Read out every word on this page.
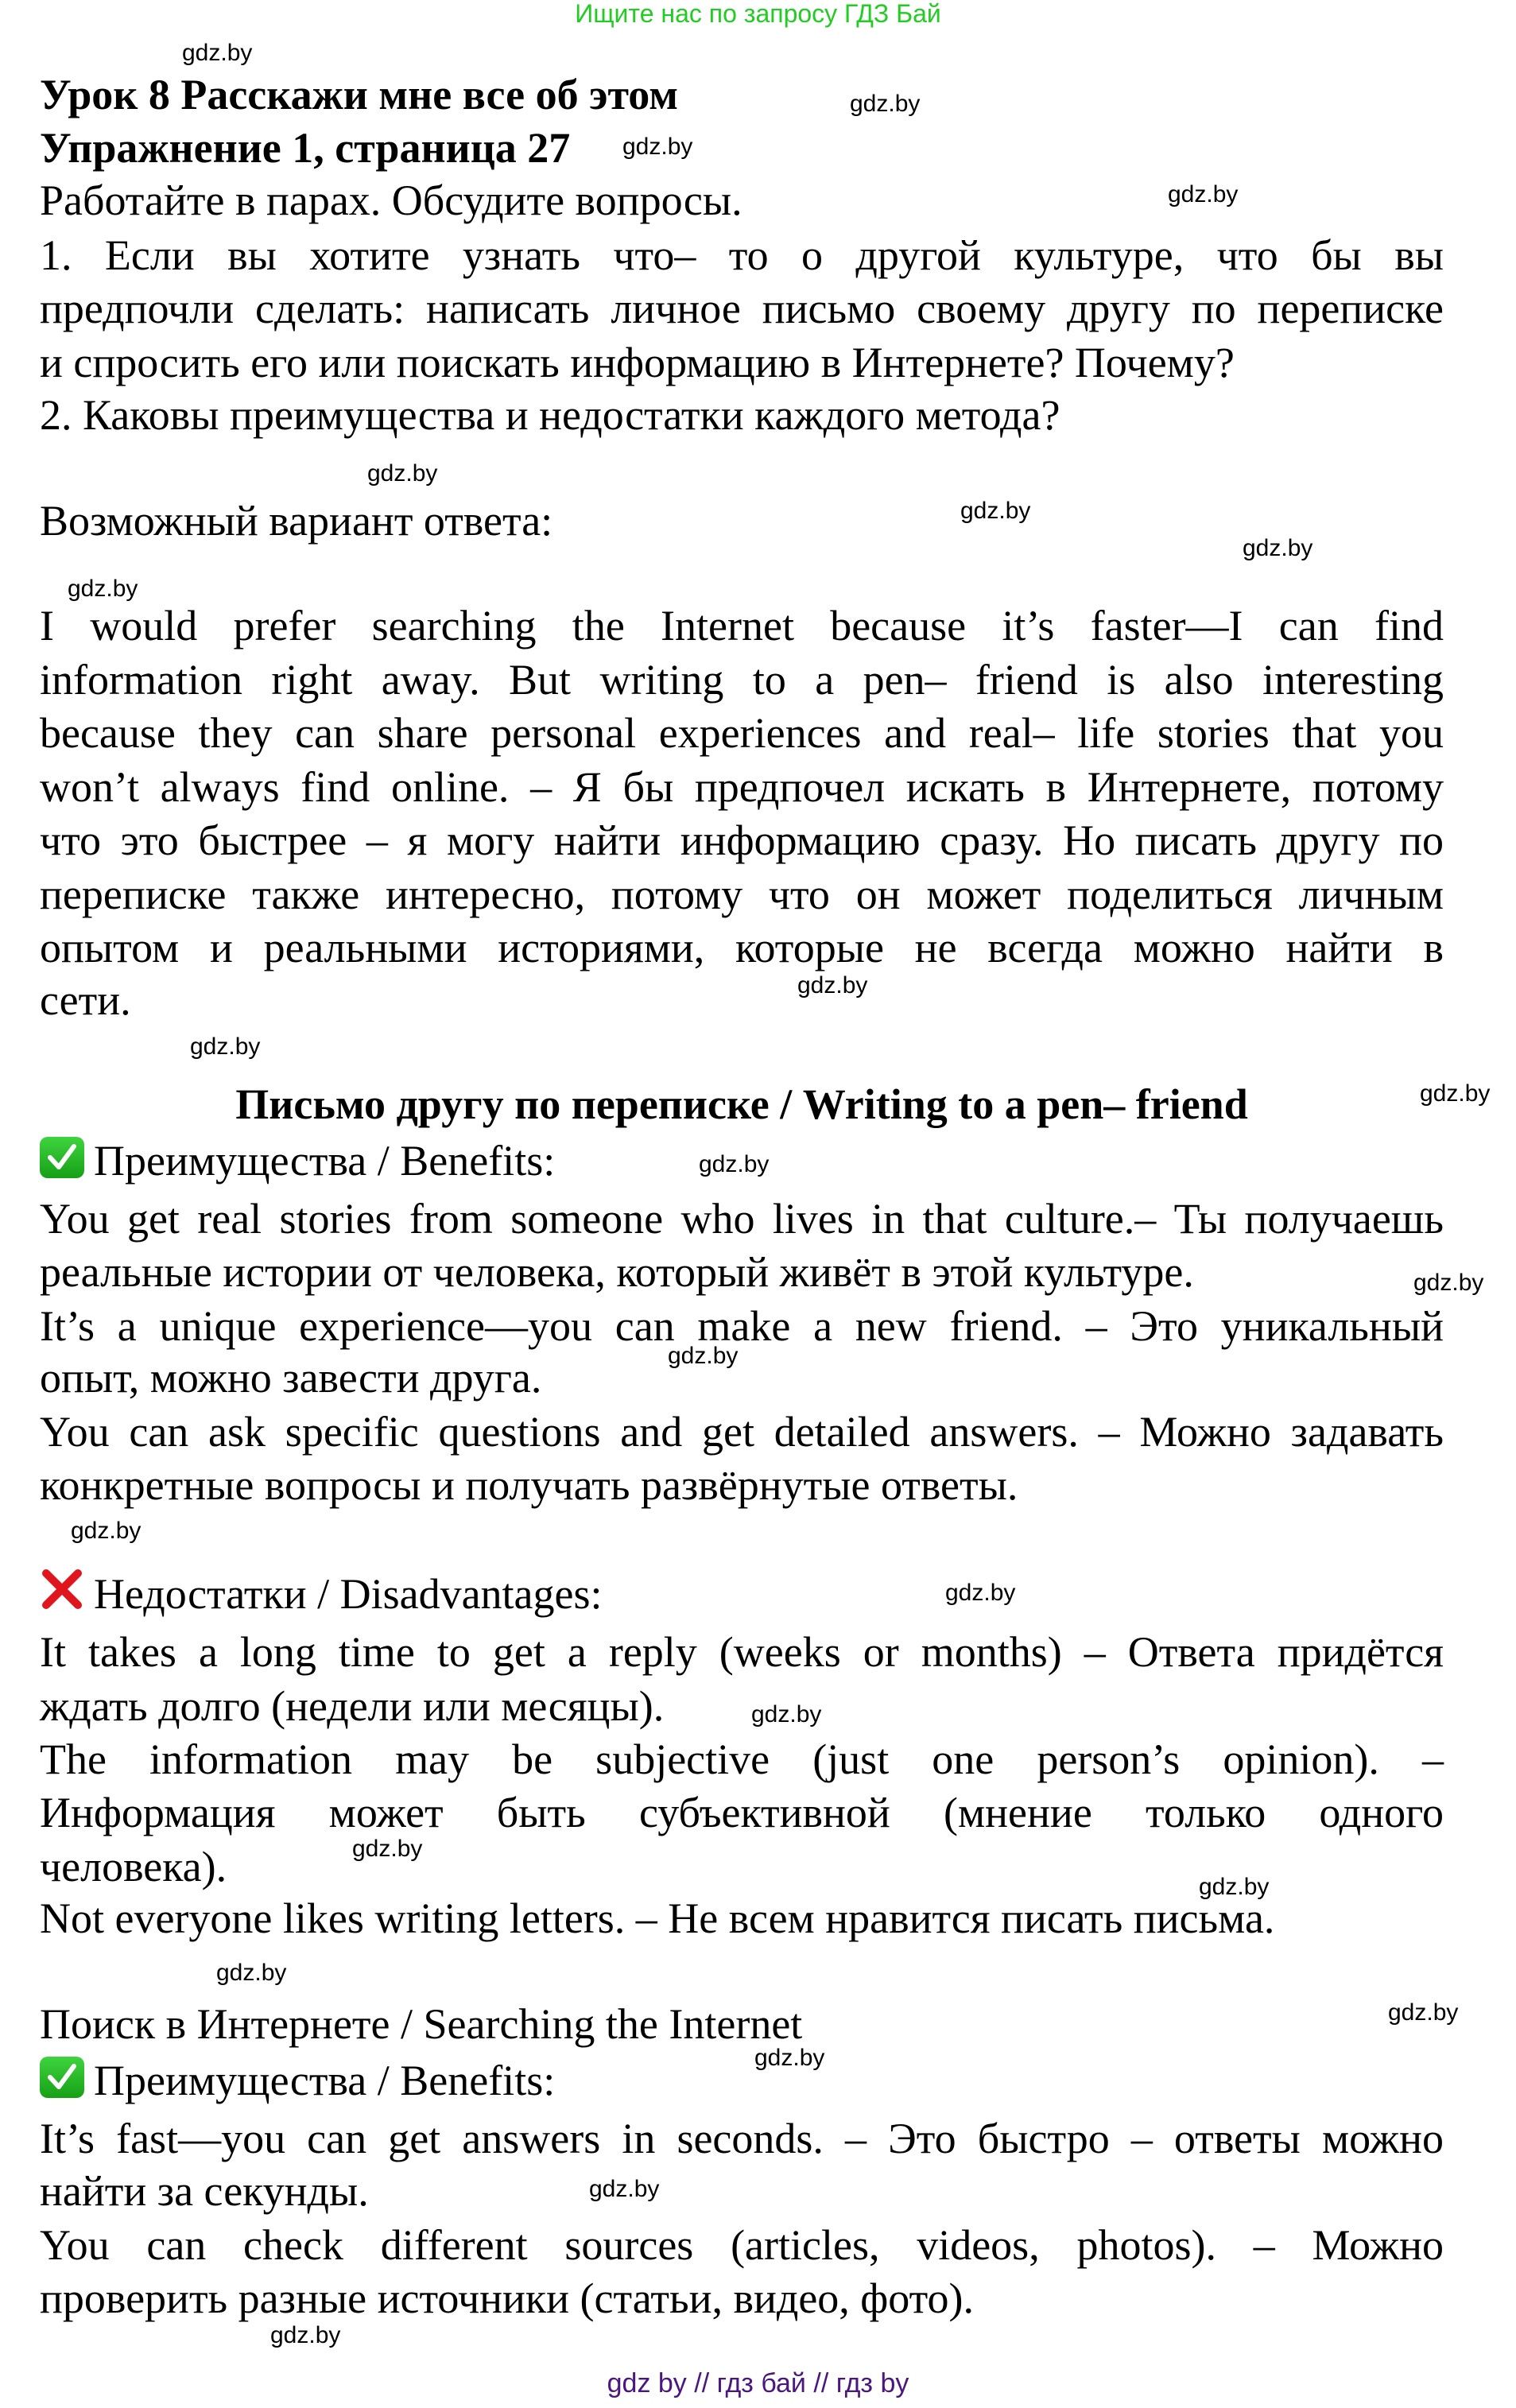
Ищите нас по запросу ГДЗ Бай
gdz.by
gdz.by
gdz.by
gdz.by
gdz.by
gdz.by
gdz.by
gdz.by
gdz.by
gdz.by
gdz.by
gdz.by
gdz.by
gdz.by
gdz.by
gdz.by
gdz.by
gdz.by
gdz.by
gdz.by
gdz.by
gdz.by
gdz.by
gdz.by
Урок 8 Расскажи мне все об этом
Упражнение 1, страница 27
Работайте в парах. Обсудите вопросы.
1. Если вы хотите узнать что– то о другой культуре, что бы вы
предпочли сделать: написать личное письмо своему другу по переписке
и спросить его или поискать информацию в Интернете? Почему?
2. Каковы преимущества и недостатки каждого метода?
Возможный вариант ответа:
I would prefer searching the Internet because it’s faster—I can find
information right away. But writing to a pen– friend is also interesting
because they can share personal experiences and real– life stories that you
won’t always find online. – Я бы предпочел искать в Интернете, потому
что это быстрее – я могу найти информацию сразу. Но писать другу по
переписке также интересно, потому что он может поделиться личным
опытом и реальными историями, которые не всегда можно найти в
сети.
Письмо другу по переписке / Writing to a pen– friend
Преимущества / Benefits:
You get real stories from someone who lives in that culture.– Ты получаешь
реальные истории от человека, который живёт в этой культуре.
It’s a unique experience—you can make a new friend. – Это уникальный
опыт, можно завести друга.
You can ask specific questions and get detailed answers. – Можно задавать
конкретные вопросы и получать развёрнутые ответы.
Недостатки / Disadvantages:
It takes a long time to get a reply (weeks or months) – Ответа придётся
ждать долго (недели или месяцы).
The information may be subjective (just one person’s opinion). –
Информация может быть субъективной (мнение только одного
человека).
Not everyone likes writing letters. – Не всем нравится писать письма.
Поиск в Интернете / Searching the Internet
Преимущества / Benefits:
It’s fast—you can get answers in seconds. – Это быстро – ответы можно
найти за секунды.
You can check different sources (articles, videos, photos). – Можно
проверить разные источники (статьи, видео, фото).
gdz by // гдз бай // гдз by
